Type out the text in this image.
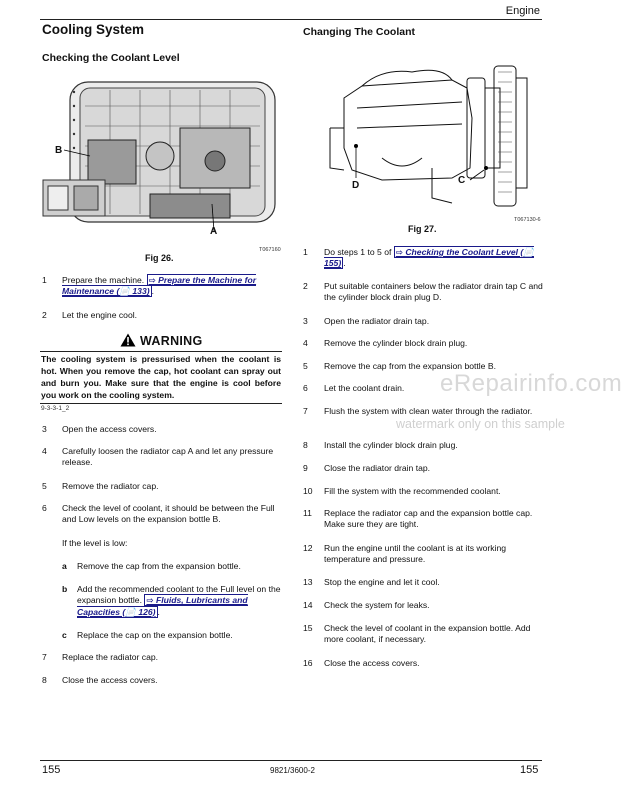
Engine
Cooling System
Checking the Coolant Level
B
A
T067160
Fig 26.
1 Prepare the machine. ⇨ Prepare the Machine for Maintenance (📄 133) .
2 Let the engine cool.
WARNING
The cooling system is pressurised when the coolant is hot. When you remove the cap, hot coolant can spray out and burn you. Make sure that the engine is cool before you work on the cooling system.
9-3-3-1_2
3 Open the access covers.
4 Carefully loosen the radiator cap A and let any pressure release.
5 Remove the radiator cap.
6 Check the level of coolant, it should be between the Full and Low levels on the expansion bottle B.
If the level is low:
a Remove the cap from the expansion bottle.
b Add the recommended coolant to the Full level on the expansion bottle. ⇨ Fluids, Lubricants and Capacities (📄 126) .
c Replace the cap on the expansion bottle.
7 Replace the radiator cap.
8 Close the access covers.
Changing The Coolant
D	C
T067130-6
Fig 27.
1 Do steps 1 to 5 of ⇨ Checking the Coolant Level (📄 155) .
2 Put suitable containers below the radiator drain tap C and the cylinder block drain plug D.
3 Open the radiator drain tap.
4 Remove the cylinder block drain plug.
5 Remove the cap from the expansion bottle B.
6 Let the coolant drain.
7 Flush the system with clean water through the radiator.
8 Install the cylinder block drain plug.
9 Close the radiator drain tap.
10 Fill the system with the recommended coolant.
11 Replace the radiator cap and the expansion bottle cap. Make sure they are tight.
12 Run the engine until the coolant is at its working temperature and pressure.
13 Stop the engine and let it cool.
14 Check the system for leaks.
15 Check the level of coolant in the expansion bottle. Add more coolant, if necessary.
16 Close the access covers.
eRepairinfo.com
watermark only on this sample
155	9821/3600-2	155
